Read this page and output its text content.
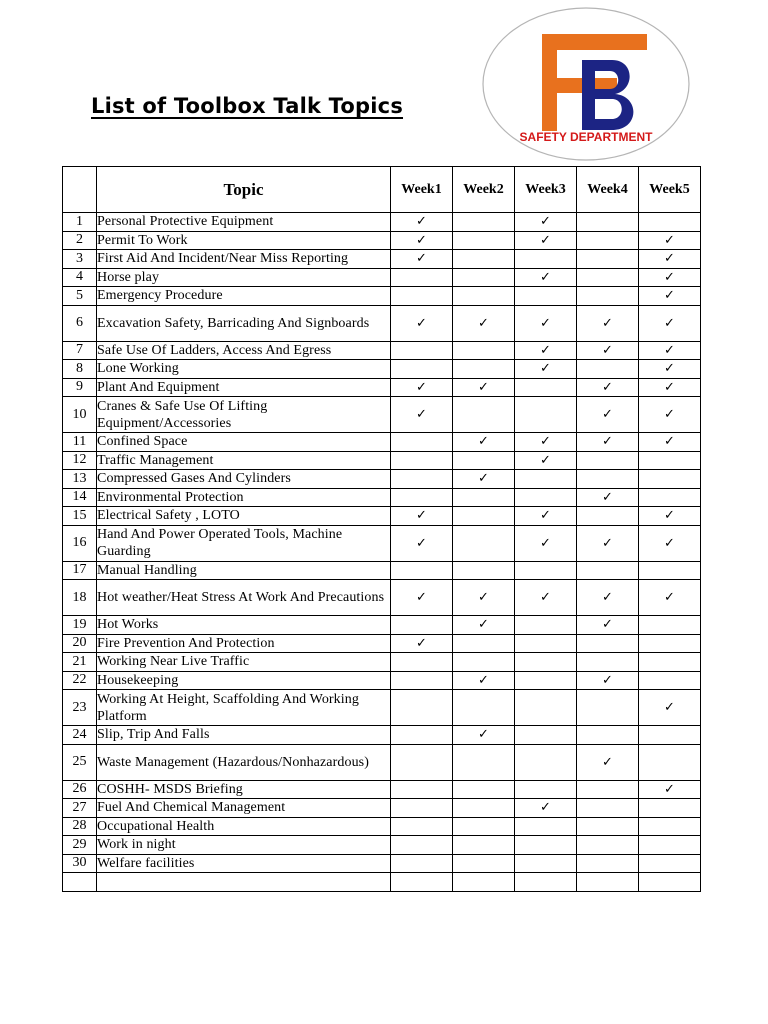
List of Toolbox Talk Topics
SAFETY DEPARTMENT
	Topic	Week1	Week2	Week3	Week4	Week5
1	Personal Protective Equipment	✓		✓		
2	Permit To Work	✓		✓		✓
3	First Aid And Incident/Near Miss Reporting	✓				✓
4	Horse play			✓		✓
5	Emergency Procedure					✓
6	Excavation Safety, Barricading And Signboards	✓	✓	✓	✓	✓
7	Safe Use Of Ladders, Access And Egress			✓	✓	✓
8	Lone Working			✓		✓
9	Plant And Equipment	✓	✓		✓	✓
10	Cranes & Safe Use Of Lifting Equipment/Accessories	✓			✓	✓
11	Confined Space		✓	✓	✓	✓
12	Traffic Management			✓		
13	Compressed Gases And Cylinders		✓			
14	Environmental Protection				✓	
15	Electrical Safety , LOTO	✓		✓		✓
16	Hand And Power Operated Tools, Machine Guarding	✓		✓	✓	✓
17	Manual Handling					
18	Hot weather/Heat Stress At Work And Precautions	✓	✓	✓	✓	✓
19	Hot Works		✓		✓	
20	Fire Prevention And Protection	✓				
21	Working Near Live Traffic					
22	Housekeeping		✓		✓	
23	Working At Height, Scaffolding And Working Platform					✓
24	Slip, Trip And Falls		✓			
25	Waste Management (Hazardous/Nonhazardous)				✓	
26	COSHH- MSDS Briefing					✓
27	Fuel And Chemical Management			✓		
28	Occupational Health					
29	Work in night					
30	Welfare facilities					
